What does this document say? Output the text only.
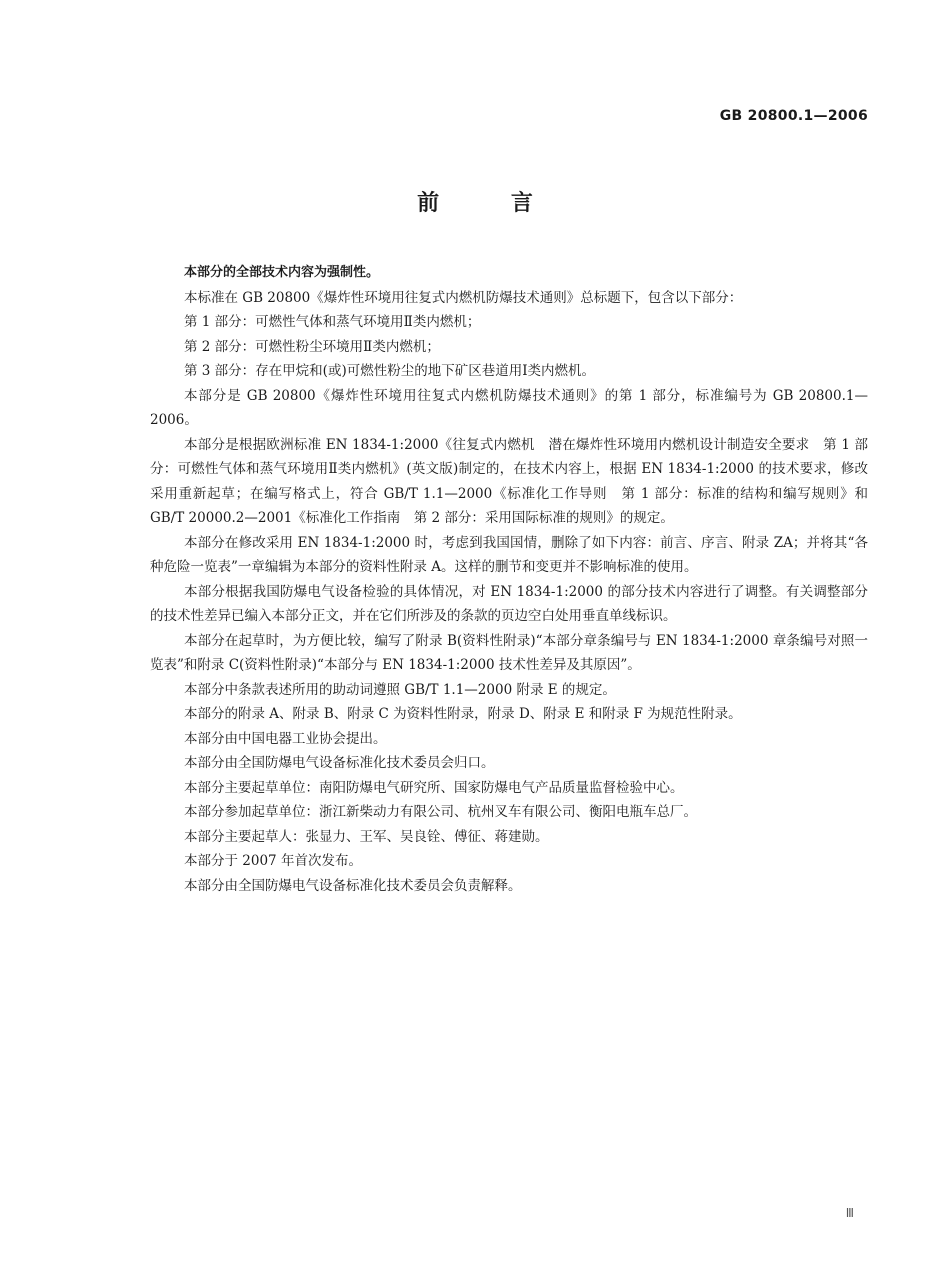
GB 20800.1—2006
前 言

本部分的全部技术内容为强制性。

本标准在 GB 20800《爆炸性环境用往复式内燃机防爆技术通则》总标题下，包含以下部分：

第 1 部分：可燃性气体和蒸气环境用Ⅱ类内燃机；

第 2 部分：可燃性粉尘环境用Ⅱ类内燃机；

第 3 部分：存在甲烷和(或)可燃性粉尘的地下矿区巷道用Ⅰ类内燃机。

本部分是 GB 20800《爆炸性环境用往复式内燃机防爆技术通则》的第 1 部分，标准编号为 GB 20800.1—2006。

本部分是根据欧洲标准 EN 1834-1:2000《往复式内燃机　潜在爆炸性环境用内燃机设计制造安全要求　第 1 部分：可燃性气体和蒸气环境用Ⅱ类内燃机》(英文版)制定的，在技术内容上，根据 EN 1834-1:2000 的技术要求，修改采用重新起草；在编写格式上，符合 GB/T 1.1—2000《标准化工作导则　第 1 部分：标准的结构和编写规则》和 GB/T 20000.2—2001《标准化工作指南　第 2 部分：采用国际标准的规则》的规定。

本部分在修改采用 EN 1834-1:2000 时，考虑到我国国情，删除了如下内容：前言、序言、附录 ZA；并将其“各种危险一览表”一章编辑为本部分的资料性附录 A。这样的删节和变更并不影响标准的使用。

本部分根据我国防爆电气设备检验的具体情况，对 EN 1834-1:2000 的部分技术内容进行了调整。有关调整部分的技术性差异已编入本部分正文，并在它们所涉及的条款的页边空白处用垂直单线标识。

本部分在起草时，为方便比较，编写了附录 B(资料性附录)“本部分章条编号与 EN 1834-1:2000 章条编号对照一览表”和附录 C(资料性附录)“本部分与 EN 1834-1:2000 技术性差异及其原因”。

本部分中条款表述所用的助动词遵照 GB/T 1.1—2000 附录 E 的规定。

本部分的附录 A、附录 B、附录 C 为资料性附录，附录 D、附录 E 和附录 F 为规范性附录。

本部分由中国电器工业协会提出。

本部分由全国防爆电气设备标准化技术委员会归口。

本部分主要起草单位：南阳防爆电气研究所、国家防爆电气产品质量监督检验中心。

本部分参加起草单位：浙江新柴动力有限公司、杭州叉车有限公司、衡阳电瓶车总厂。

本部分主要起草人：张显力、王军、吴良铨、傅征、蒋建勋。

本部分于 2007 年首次发布。

本部分由全国防爆电气设备标准化技术委员会负责解释。

Ⅲ
